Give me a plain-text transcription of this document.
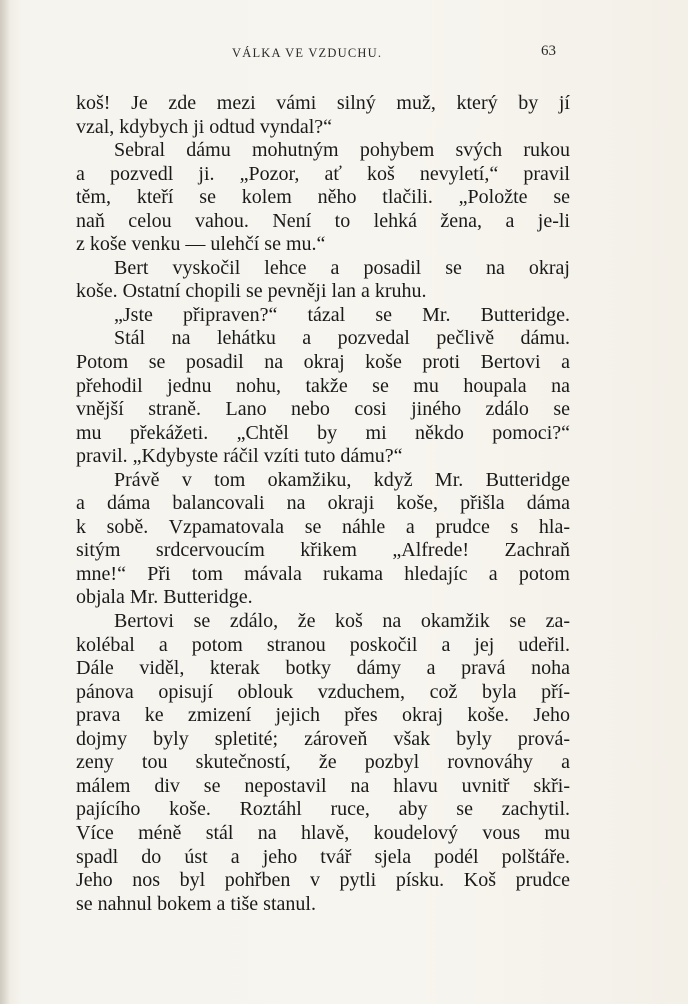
VÁLKA VE VZDUCHU.	63
koš! Je zde mezi vámi silný muž, který by jí
vzal, kdybych ji odtud vyndal?“
Sebral dámu mohutným pohybem svých rukou
a pozvedl ji. „Pozor, ať koš nevyletí,“ pravil
těm, kteří se kolem něho tlačili. „Položte se
naň celou vahou. Není to lehká žena, a je-li
z koše venku — ulehčí se mu.“
Bert vyskočil lehce a posadil se na okraj
koše. Ostatní chopili se pevněji lan a kruhu.
„Jste připraven?“ tázal se Mr. Butteridge.
Stál na lehátku a pozvedal pečlivě dámu.
Potom se posadil na okraj koše proti Bertovi a
přehodil jednu nohu, takže se mu houpala na
vnější straně. Lano nebo cosi jiného zdálo se
mu překážeti. „Chtěl by mi někdo pomoci?“
pravil. „Kdybyste ráčil vzíti tuto dámu?“
Právě v tom okamžiku, když Mr. Butteridge
a dáma balancovali na okraji koše, přišla dáma
k sobě. Vzpamatovala se náhle a prudce s hla-
sitým srdcervoucím křikem „Alfrede! Zachraň
mne!“ Při tom mávala rukama hledajíc a potom
objala Mr. Butteridge.
Bertovi se zdálo, že koš na okamžik se za-
kolébal a potom stranou poskočil a jej udeřil.
Dále viděl, kterak botky dámy a pravá noha
pánova opisují oblouk vzduchem, což byla pří-
prava ke zmizení jejich přes okraj koše. Jeho
dojmy byly spletité; zároveň však byly prová-
zeny tou skutečností, že pozbyl rovnováhy a
málem div se nepostavil na hlavu uvnitř skři-
pajícího koše. Roztáhl ruce, aby se zachytil.
Více méně stál na hlavě, koudelový vous mu
spadl do úst a jeho tvář sjela podél polštáře.
Jeho nos byl pohřben v pytli písku. Koš prudce
se nahnul bokem a tiše stanul.
